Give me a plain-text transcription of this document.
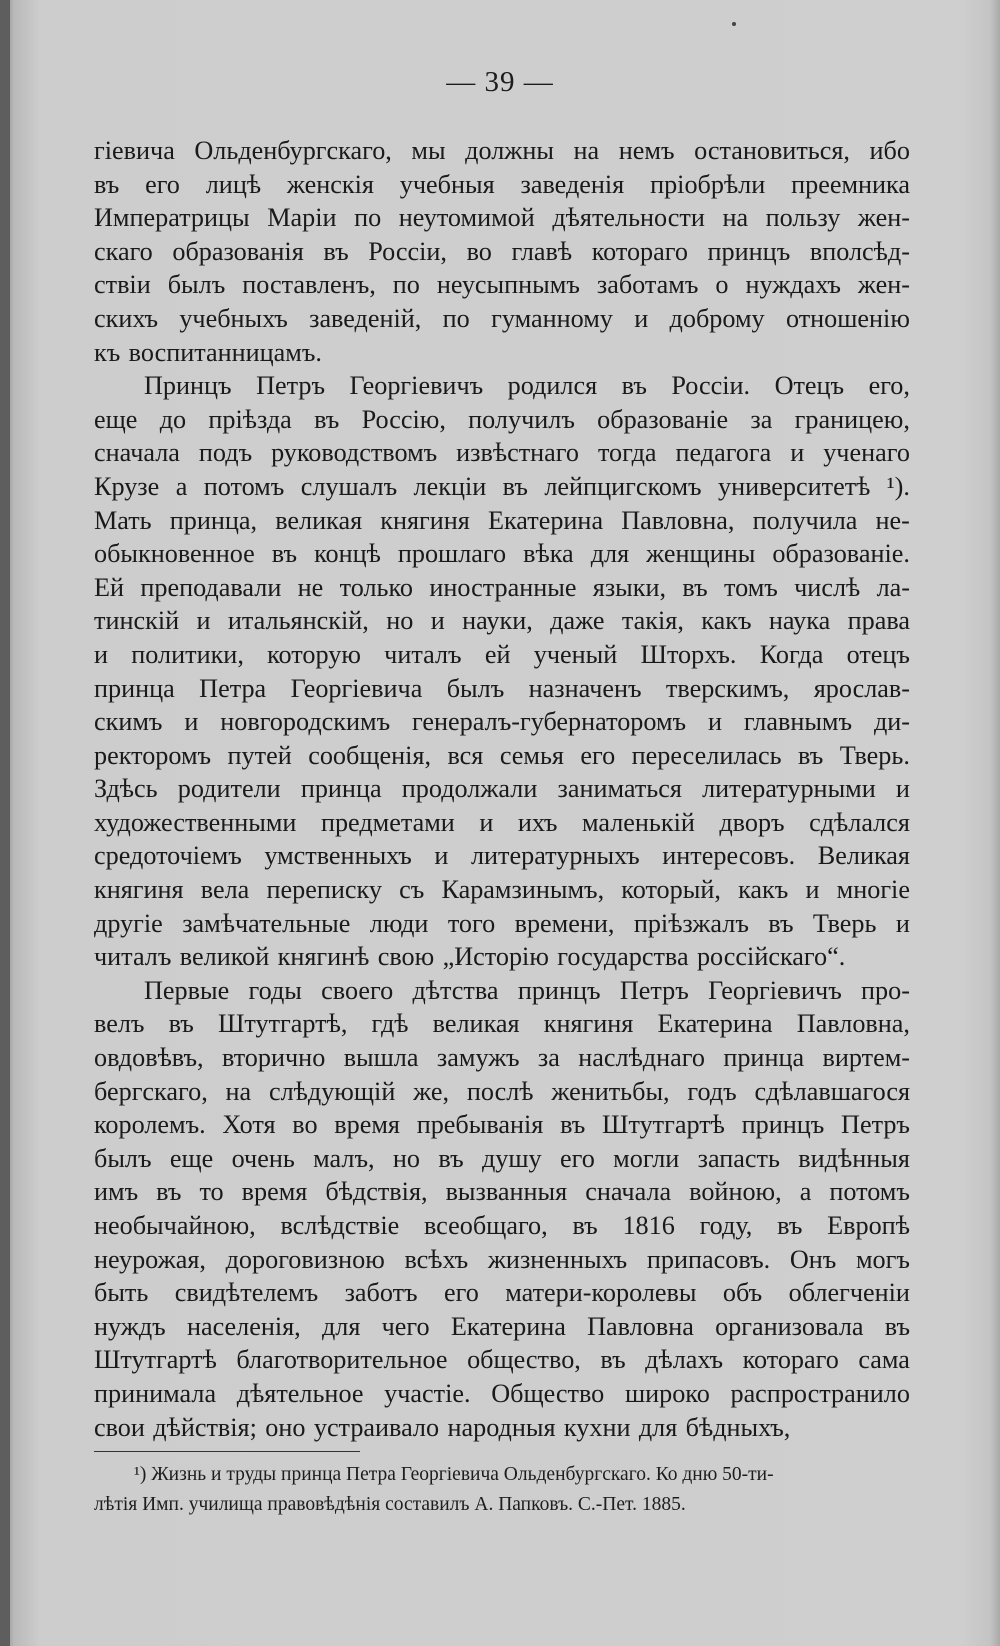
— 39 —
гіевича Ольденбургскаго, мы должны на немъ остановиться, ибо
въ его лицѣ женскія учебныя заведенія пріобрѣли преемника
Императрицы Маріи по неутомимой дѣятельности на пользу жен-
скаго образованія въ Россіи, во главѣ котораго принцъ вполсѣд-
ствіи былъ поставленъ, по неусыпнымъ заботамъ о нуждахъ жен-
скихъ учебныхъ заведеній, по гуманному и доброму отношенію
къ воспитанницамъ.
Принцъ Петръ Георгіевичъ родился въ Россіи. Отецъ его,
еще до пріѣзда въ Россію, получилъ образованіе за границею,
сначала подъ руководствомъ извѣстнаго тогда педагога и ученаго
Крузе а потомъ слушалъ лекціи въ лейпцигскомъ университетѣ ¹).
Мать принца, великая княгиня Екатерина Павловна, получила не-
обыкновенное въ концѣ прошлаго вѣка для женщины образованіе.
Ей преподавали не только иностранные языки, въ томъ числѣ ла-
тинскій и итальянскій, но и науки, даже такія, какъ наука права
и политики, которую читалъ ей ученый Шторхъ. Когда отецъ
принца Петра Георгіевича былъ назначенъ тверскимъ, ярослав-
скимъ и новгородскимъ генералъ-губернаторомъ и главнымъ ди-
ректоромъ путей сообщенія, вся семья его переселилась въ Тверь.
Здѣсь родители принца продолжали заниматься литературными и
художественными предметами и ихъ маленькій дворъ сдѣлался
средоточіемъ умственныхъ и литературныхъ интересовъ. Великая
княгиня вела переписку съ Карамзинымъ, который, какъ и многіе
другіе замѣчательные люди того времени, пріѣзжалъ въ Тверь и
читалъ великой княгинѣ свою „Исторію государства россійскаго“.
Первые годы своего дѣтства принцъ Петръ Георгіевичъ про-
велъ въ Штутгартѣ, гдѣ великая княгиня Екатерина Павловна,
овдовѣвъ, вторично вышла замужъ за наслѣднаго принца виртем-
бергскаго, на слѣдующій же, послѣ женитьбы, годъ сдѣлавшагося
королемъ. Хотя во время пребыванія въ Штутгартѣ принцъ Петръ
былъ еще очень малъ, но въ душу его могли запасть видѣнныя
имъ въ то время бѣдствія, вызванныя сначала войною, а потомъ
необычайною, вслѣдствіе всеобщаго, въ 1816 году, въ Европѣ
неурожая, дороговизною всѣхъ жизненныхъ припасовъ. Онъ могъ
быть свидѣтелемъ заботъ его матери-королевы объ облегченіи
нуждъ населенія, для чего Екатерина Павловна организовала въ
Штутгартѣ благотворительное общество, въ дѣлахъ котораго сама
принимала дѣятельное участіе. Общество широко распространило
свои дѣйствія; оно устраивало народныя кухни для бѣдныхъ,
¹) Жизнь и труды принца Петра Георгіевича Ольденбургскаго. Ко дню 50-ти-
лѣтія Имп. училища правовѣдѣнія составилъ А. Папковъ. С.-Пет. 1885.
